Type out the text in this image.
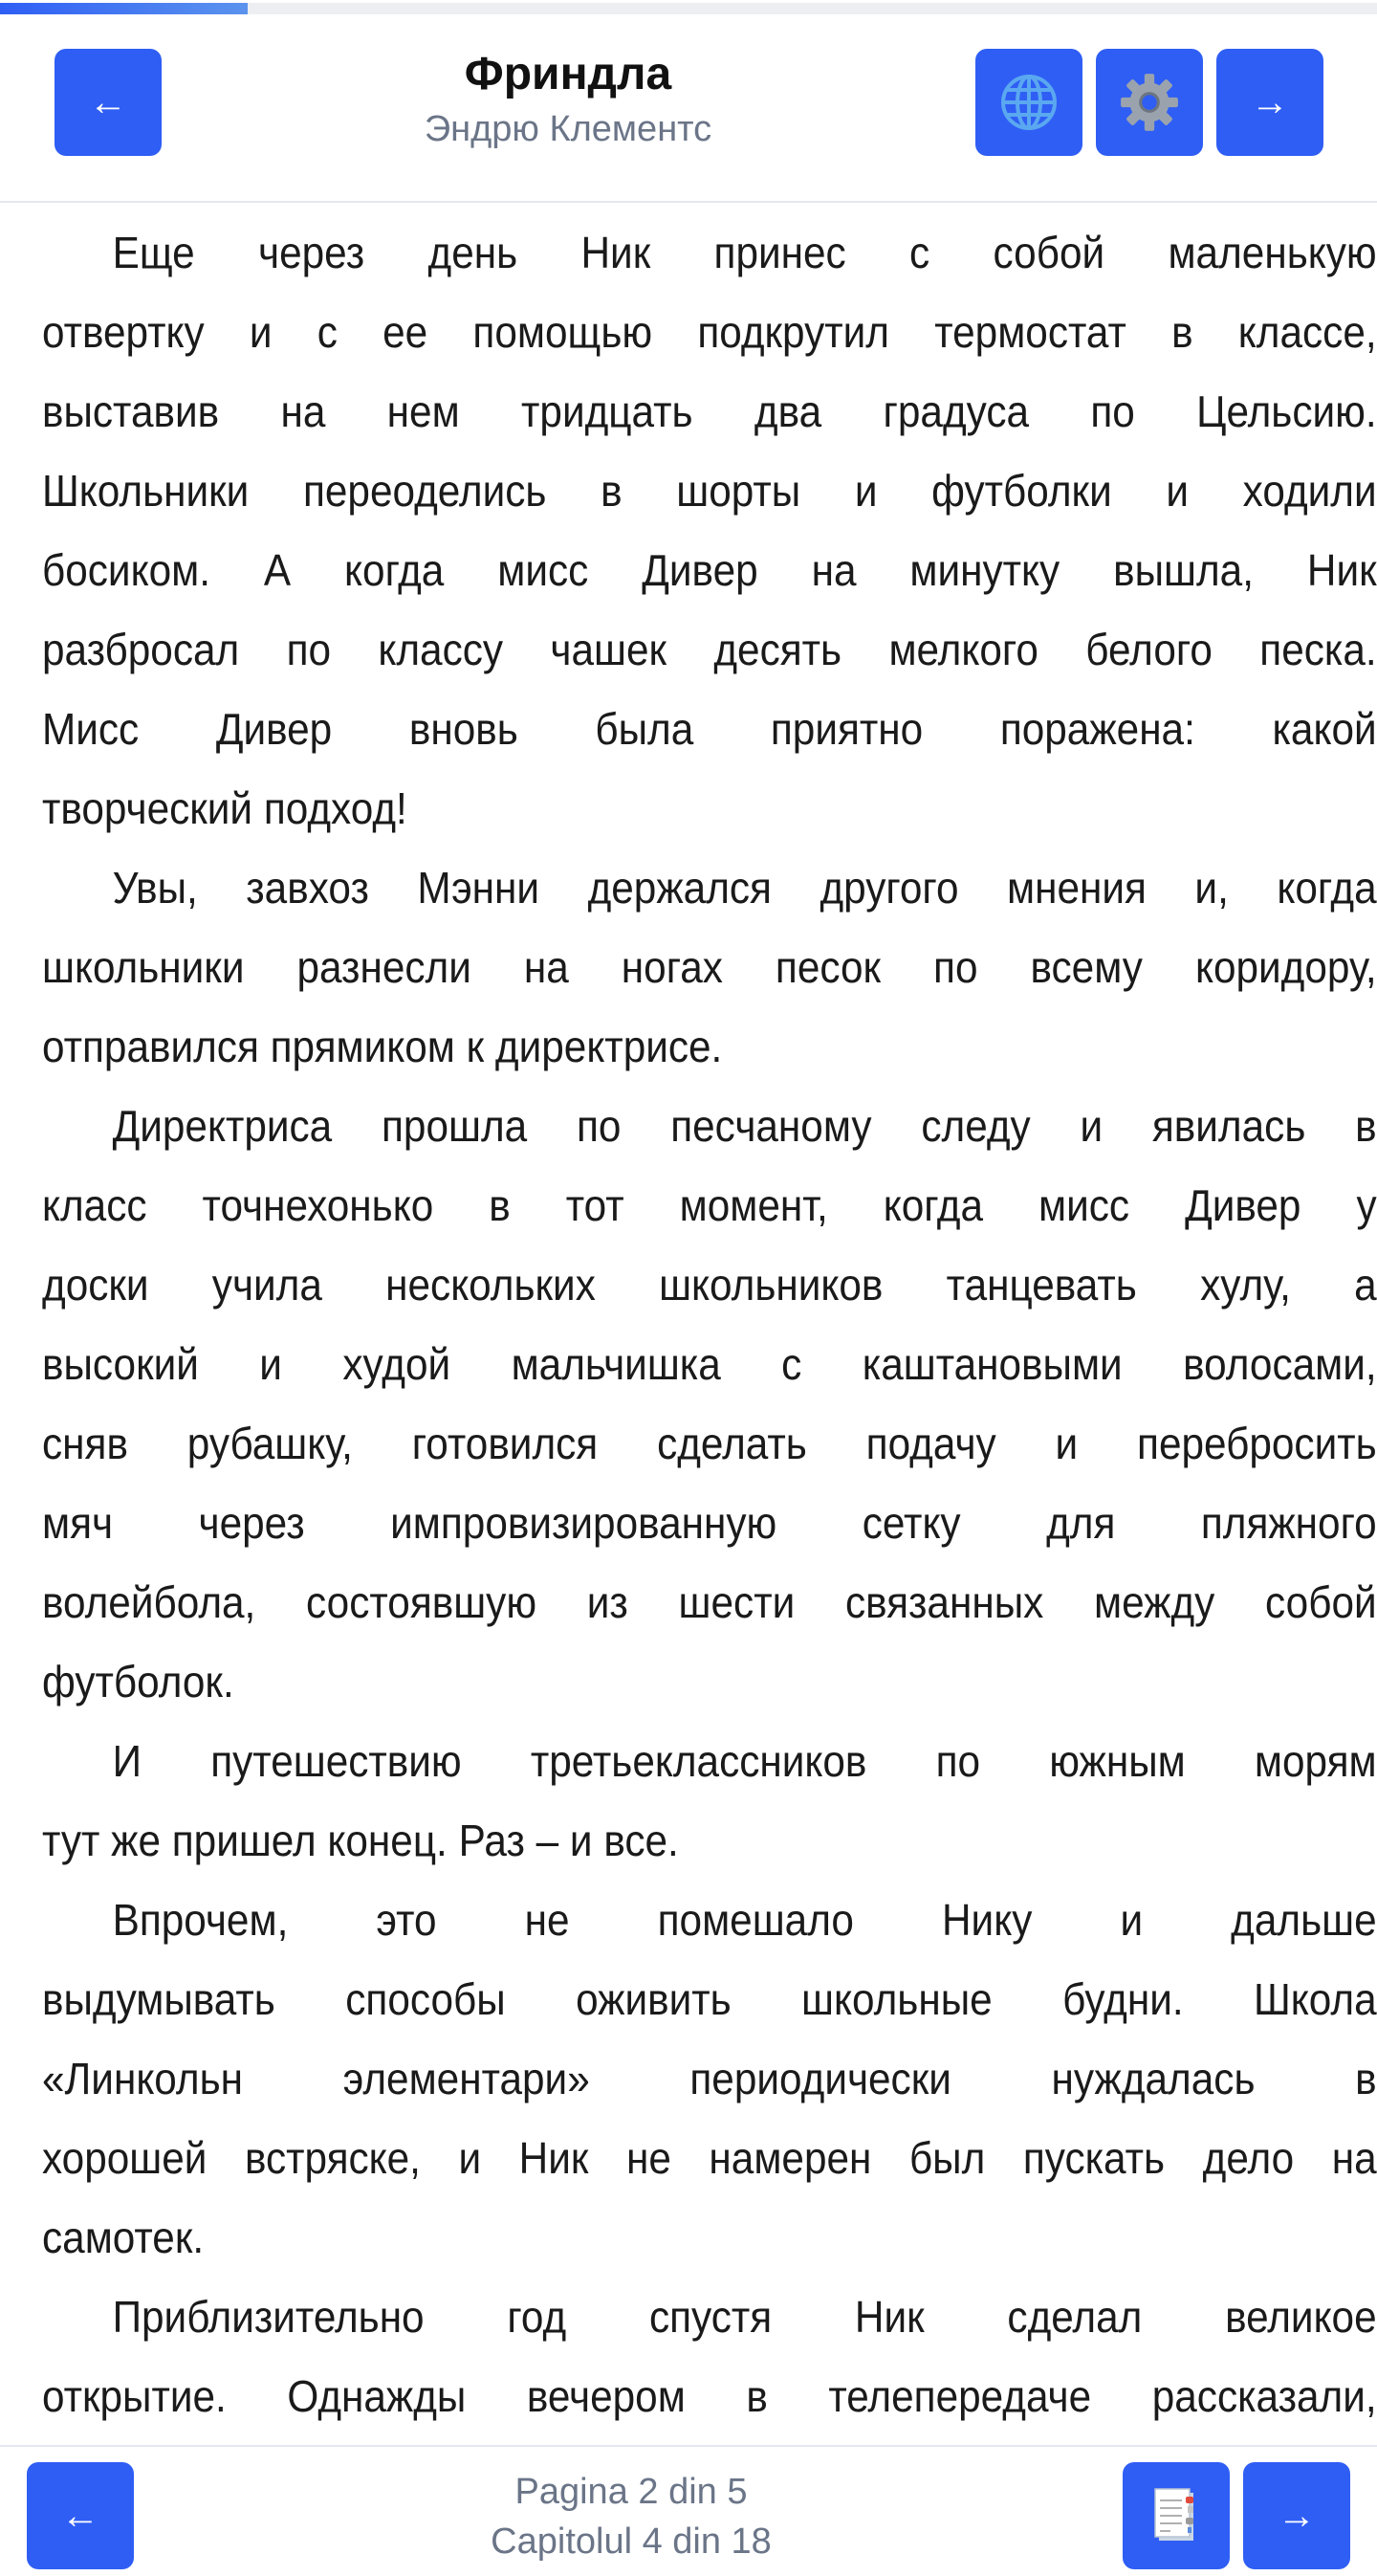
←
Фриндла
Эндрю Клементс
→
Еще через день Ник принес с собой маленькую
отвертку и с ее помощью подкрутил термостат в классе,
выставив на нем тридцать два градуса по Цельсию.
Школьники переоделись в шорты и футболки и ходили
босиком. А когда мисс Дивер на минутку вышла, Ник
разбросал по классу чашек десять мелкого белого песка.
Мисс Дивер вновь была приятно поражена: какой
творческий подход!
Увы, завхоз Мэнни держался другого мнения и, когда
школьники разнесли на ногах песок по всему коридору,
отправился прямиком к директрисе.
Директриса прошла по песчаному следу и явилась в
класс точнехонько в тот момент, когда мисс Дивер у
доски учила нескольких школьников танцевать хулу, а
высокий и худой мальчишка с каштановыми волосами,
сняв рубашку, готовился сделать подачу и перебросить
мяч через импровизированную сетку для пляжного
волейбола, состоявшую из шести связанных между собой
футболок.
И путешествию третьеклассников по южным морям
тут же пришел конец. Раз – и все.
Впрочем, это не помешало Нику и дальше
выдумывать способы оживить школьные будни. Школа
«Линкольн элементари» периодически нуждалась в
хорошей встряске, и Ник не намерен был пускать дело на
самотек.
Приблизительно год спустя Ник сделал великое
открытие. Однажды вечером в телепередаче рассказали,
←
Pagina 2 din 5
Capitolul 4 din 18
→
